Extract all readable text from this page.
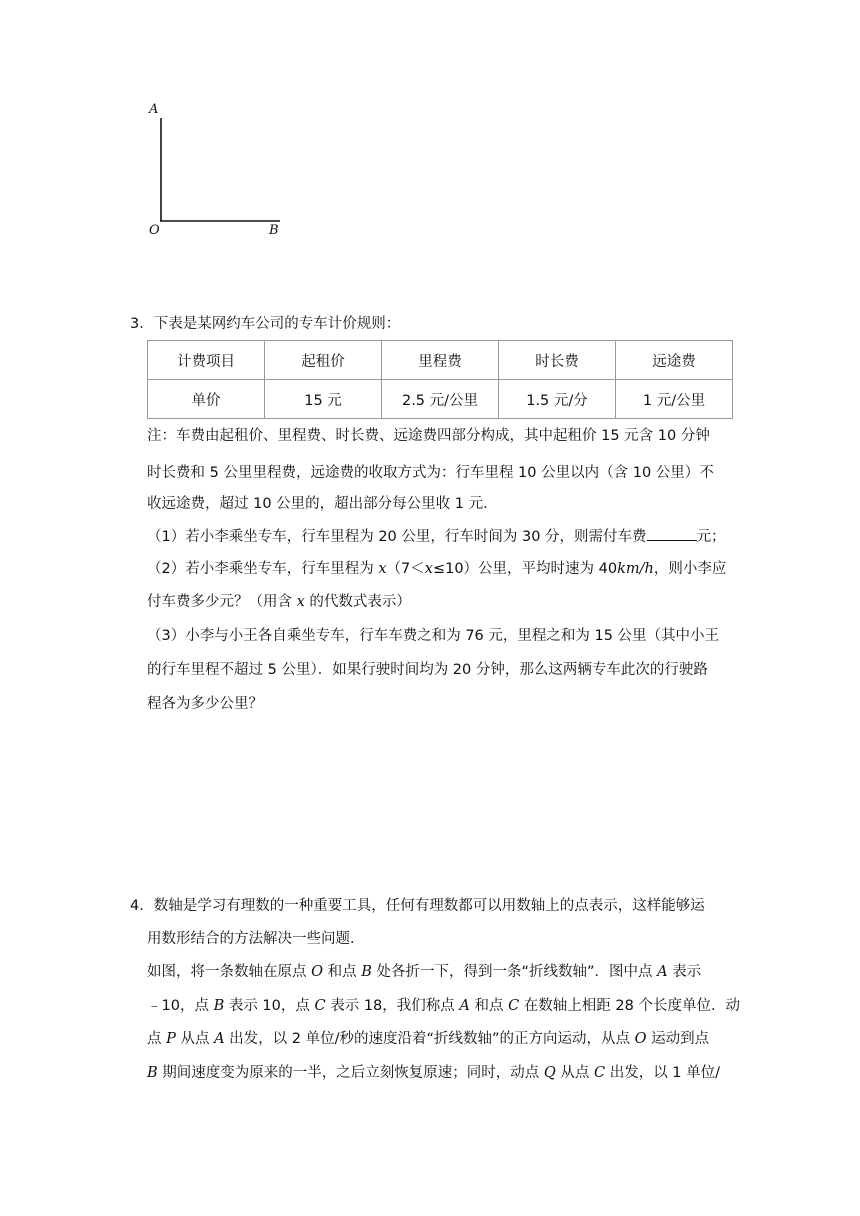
A
O	B
3．下表是某网约车公司的专车计价规则：
计费项目	起租价	里程费	时长费	远途费
单价	15 元	2.5 元/公里	1.5 元/分	1 元/公里
注：车费由起租价、里程费、时长费、远途费四部分构成，其中起租价 15 元含 10 分钟
时长费和 5 公里里程费，远途费的收取方式为：行车里程 10 公里以内（含 10 公里）不
收远途费，超过 10 公里的，超出部分每公里收 1 元．
（1）若小李乘坐专车，行车里程为 20 公里，行车时间为 30 分，则需付车费	元；
（2）若小李乘坐专车，行车里程为 x（7＜x≤10）公里，平均时速为 40km/h，则小李应
付车费多少元？（用含 x 的代数式表示）
（3）小李与小王各自乘坐专车，行车车费之和为 76 元，里程之和为 15 公里（其中小王
的行车里程不超过 5 公里）．如果行驶时间均为 20 分钟，那么这两辆专车此次的行驶路
程各为多少公里？
4．数轴是学习有理数的一种重要工具，任何有理数都可以用数轴上的点表示，这样能够运
用数形结合的方法解决一些问题．
如图，将一条数轴在原点 O 和点 B 处各折一下，得到一条“折线数轴”．图中点 A 表示
﹣10，点 B 表示 10，点 C 表示 18，我们称点 A 和点 C 在数轴上相距 28 个长度单位．动
点 P 从点 A 出发，以 2 单位/秒的速度沿着“折线数轴”的正方向运动，从点 O 运动到点
B 期间速度变为原来的一半，之后立刻恢复原速；同时，动点 Q 从点 C 出发，以 1 单位/
